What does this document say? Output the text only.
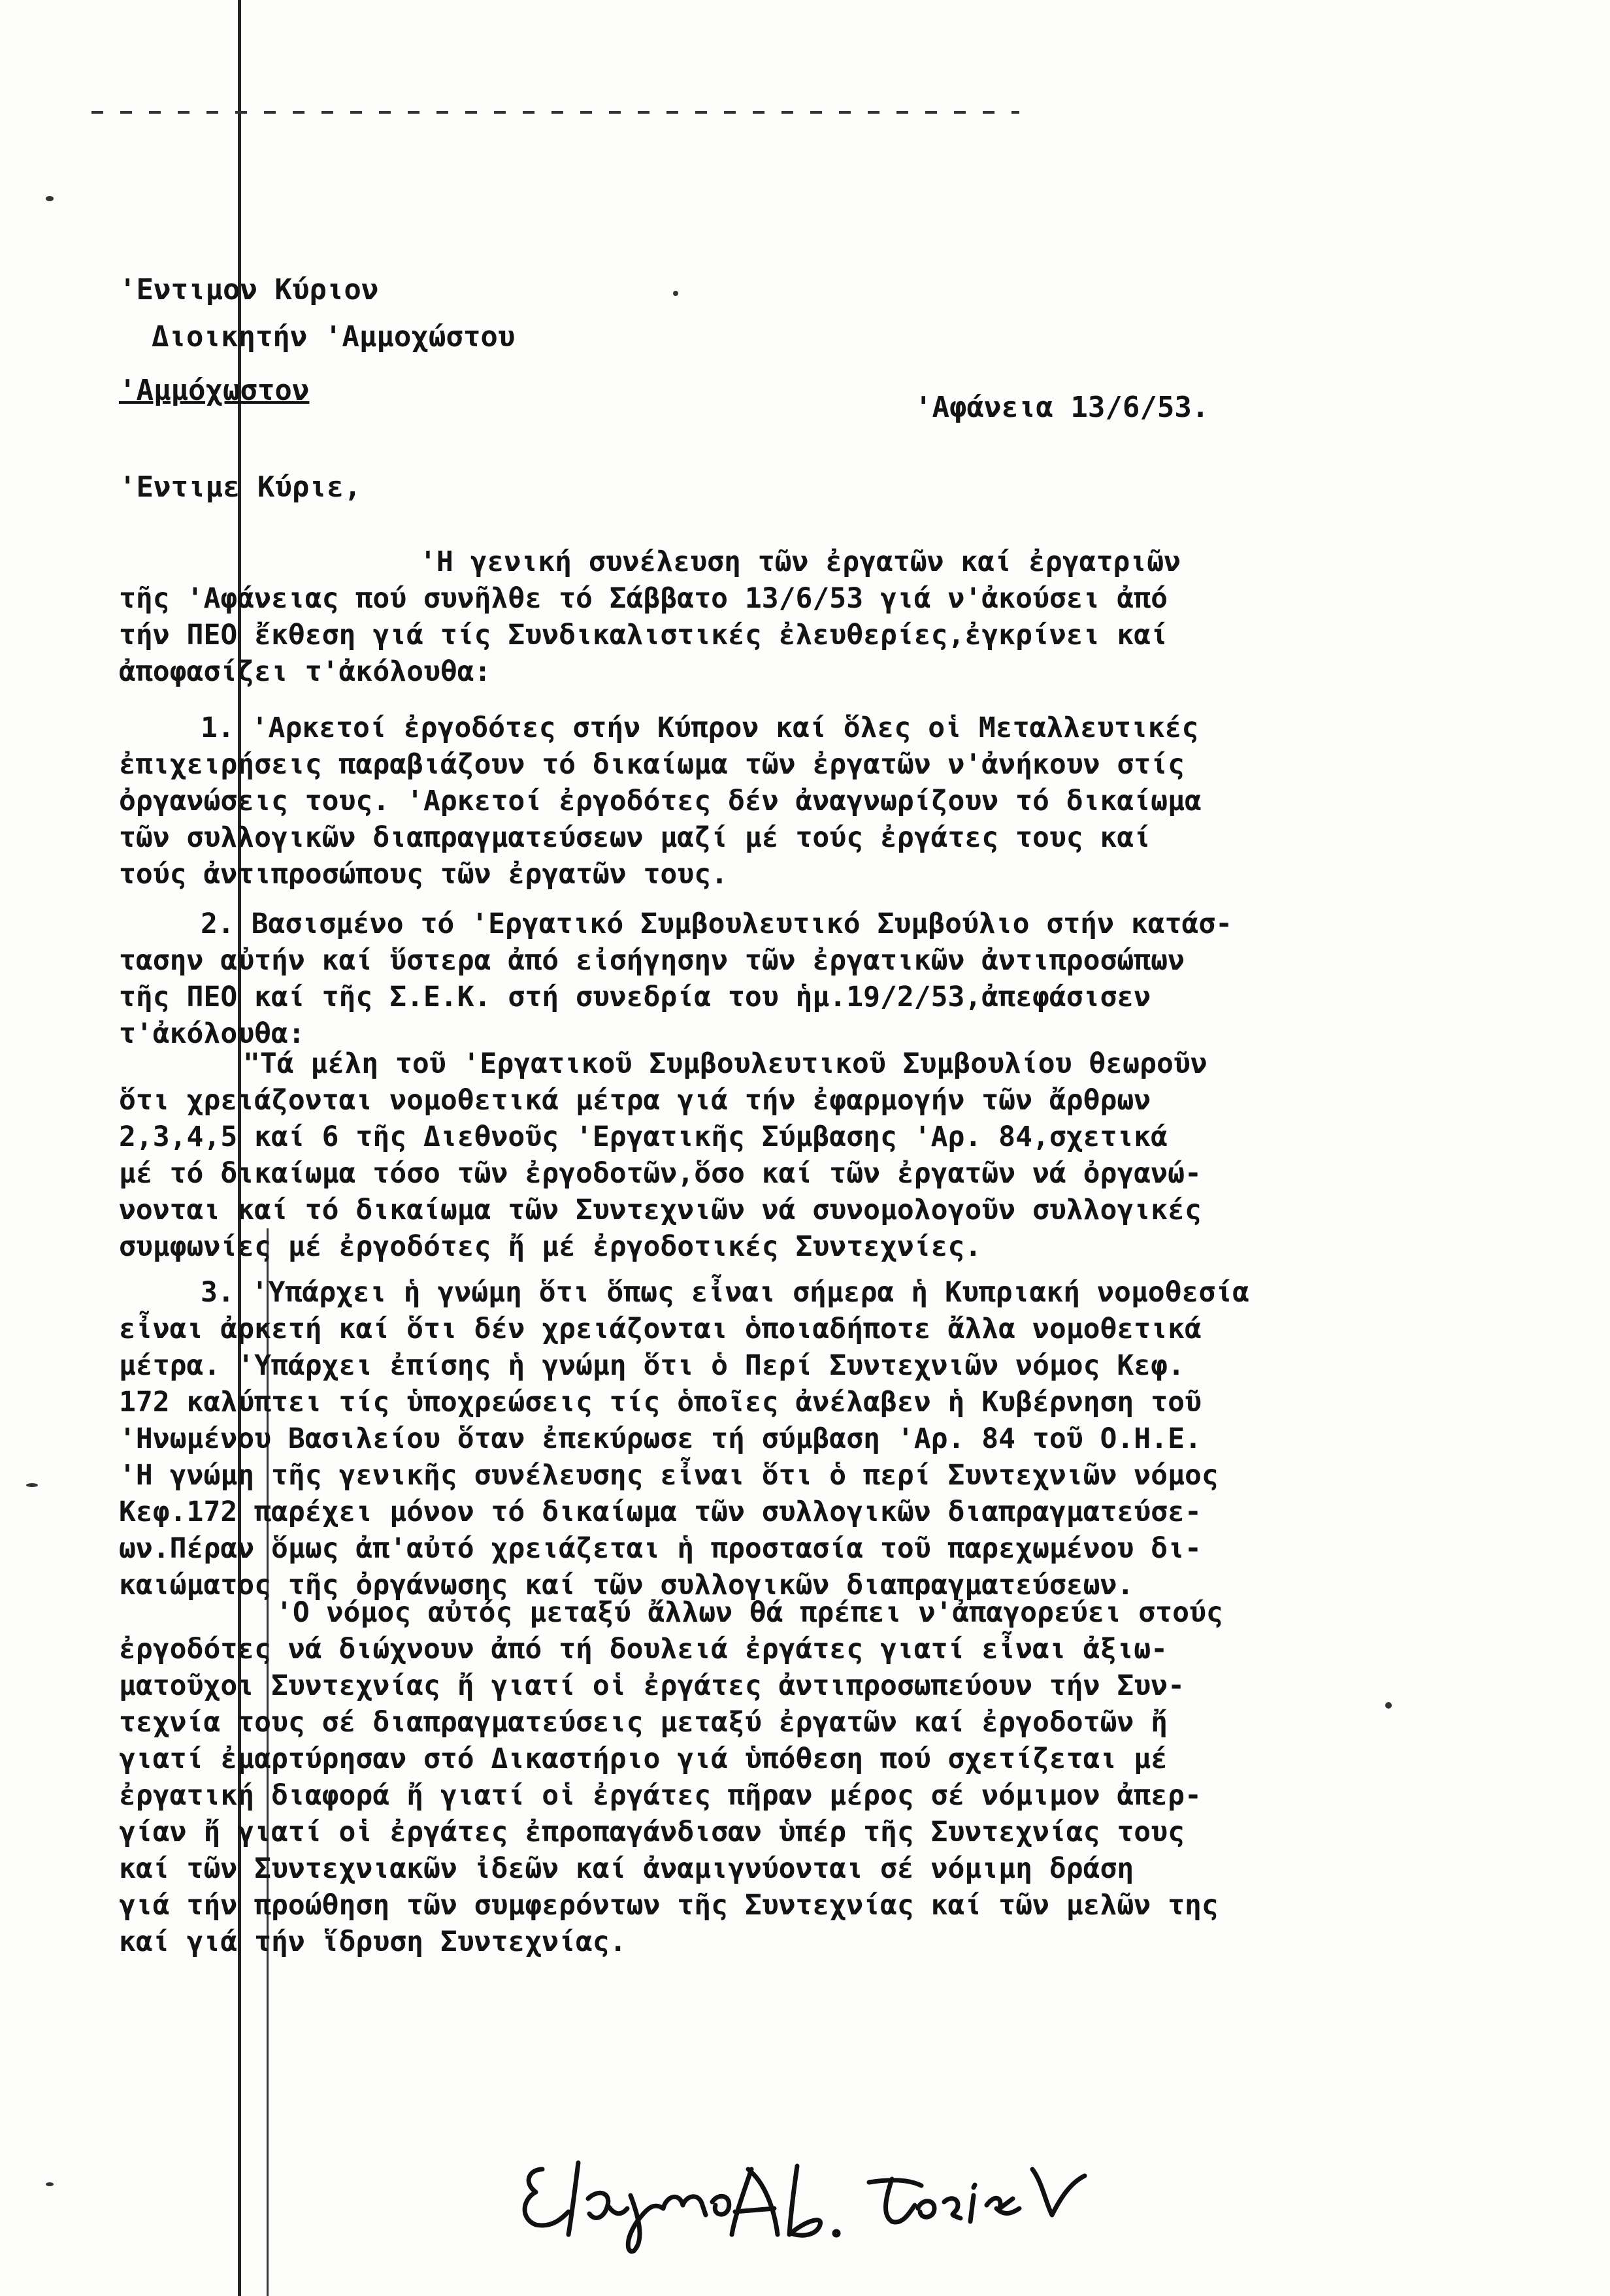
'Εντιμον Κύριον
Διοικητήν 'Αμμοχώστου
'Αμμόχωστον
'Αφάνεια 13/6/53.
'Εντιμε Κύριε,
'Η γενική συνέλευση τῶν ἐργατῶν καί ἐργατριῶν
τῆς 'Αφάνειας πού συνῆλθε τό Σάββατο 13/6/53 γιά ν'ἀκούσει ἀπό
τήν ΠΕΟ ἔκθεση γιά τίς Συνδικαλιστικές ἐλευθερίες,ἐγκρίνει καί
ἀποφασίζει τ'ἀκόλουθα:
1. 'Αρκετοί ἐργοδότες στήν Κύπρον καί ὅλες οἱ Μεταλλευτικές
ἐπιχειρήσεις παραβιάζουν τό δικαίωμα τῶν ἐργατῶν ν'ἀνήκουν στίς
ὀργανώσεις τους. 'Αρκετοί ἐργοδότες δέν ἀναγνωρίζουν τό δικαίωμα
τῶν συλλογικῶν διαπραγματεύσεων μαζί μέ τούς ἐργάτες τους καί
τούς ἀντιπροσώπους τῶν ἐργατῶν τους.
2. Βασισμένο τό 'Εργατικό Συμβουλευτικό Συμβούλιο στήν κατάσ-
τασην αὐτήν καί ὕστερα ἀπό εἰσήγησην τῶν ἐργατικῶν ἀντιπροσώπων
τῆς ΠΕΟ καί τῆς Σ.Ε.Κ. στή συνεδρία του ἡμ.19/2/53,ἀπεφάσισεν
τ'ἀκόλουθα:
"Τά μέλη τοῦ 'Εργατικοῦ Συμβουλευτικοῦ Συμβουλίου θεωροῦν
ὅτι χρειάζονται νομοθετικά μέτρα γιά τήν ἐφαρμογήν τῶν ἄρθρων
2,3,4,5 καί 6 τῆς Διεθνοῦς 'Εργατικῆς Σύμβασης 'Αρ. 84,σχετικά
μέ τό δικαίωμα τόσο τῶν ἐργοδοτῶν,ὅσο καί τῶν ἐργατῶν νά ὀργανώ-
νονται καί τό δικαίωμα τῶν Συντεχνιῶν νά συνομολογοῦν συλλογικές
συμφωνίες μέ ἐργοδότες ἤ μέ ἐργοδοτικές Συντεχνίες.
3. 'Υπάρχει ἡ γνώμη ὅτι ὅπως εἶναι σήμερα ἡ Κυπριακή νομοθεσία
εἶναι ἀρκετή καί ὅτι δέν χρειάζονται ὁποιαδήποτε ἄλλα νομοθετικά
μέτρα. 'Υπάρχει ἐπίσης ἡ γνώμη ὅτι ὁ Περί Συντεχνιῶν νόμος Κεφ.
172 καλύπτει τίς ὑποχρεώσεις τίς ὁποῖες ἀνέλαβεν ἡ Κυβέρνηση τοῦ
'Ηνωμένου Βασιλείου ὅταν ἐπεκύρωσε τή σύμβαση 'Αρ. 84 τοῦ Ο.Η.Ε.
'Η γνώμη τῆς γενικῆς συνέλευσης εἶναι ὅτι ὁ περί Συντεχνιῶν νόμος
Κεφ.172 παρέχει μόνον τό δικαίωμα τῶν συλλογικῶν διαπραγματεύσε-
ων.Πέραν ὅμως ἀπ'αὐτό χρειάζεται ἡ προστασία τοῦ παρεχωμένου δι-
καιώματος τῆς ὀργάνωσης καί τῶν συλλογικῶν διαπραγματεύσεων.
'Ο νόμος αὐτός μεταξύ ἄλλων θά πρέπει ν'ἀπαγορεύει στούς
ἐργοδότες νά διώχνουν ἀπό τή δουλειά ἐργάτες γιατί εἶναι ἀξιω-
ματοῦχοι Συντεχνίας ἤ γιατί οἱ ἐργάτες ἀντιπροσωπεύουν τήν Συν-
τεχνία τους σέ διαπραγματεύσεις μεταξύ ἐργατῶν καί ἐργοδοτῶν ἤ
γιατί ἐμαρτύρησαν στό Δικαστήριο γιά ὑπόθεση πού σχετίζεται μέ
ἐργατική διαφορά ἤ γιατί οἱ ἐργάτες πῆραν μέρος σέ νόμιμον ἀπερ-
γίαν ἤ γιατί οἱ ἐργάτες ἐπροπαγάνδισαν ὑπέρ τῆς Συντεχνίας τους
καί τῶν Συντεχνιακῶν ἰδεῶν καί ἀναμιγνύονται σέ νόμιμη δράση
γιά τήν προώθηση τῶν συμφερόντων τῆς Συντεχνίας καί τῶν μελῶν της
καί γιά τήν ἵδρυση Συντεχνίας.
